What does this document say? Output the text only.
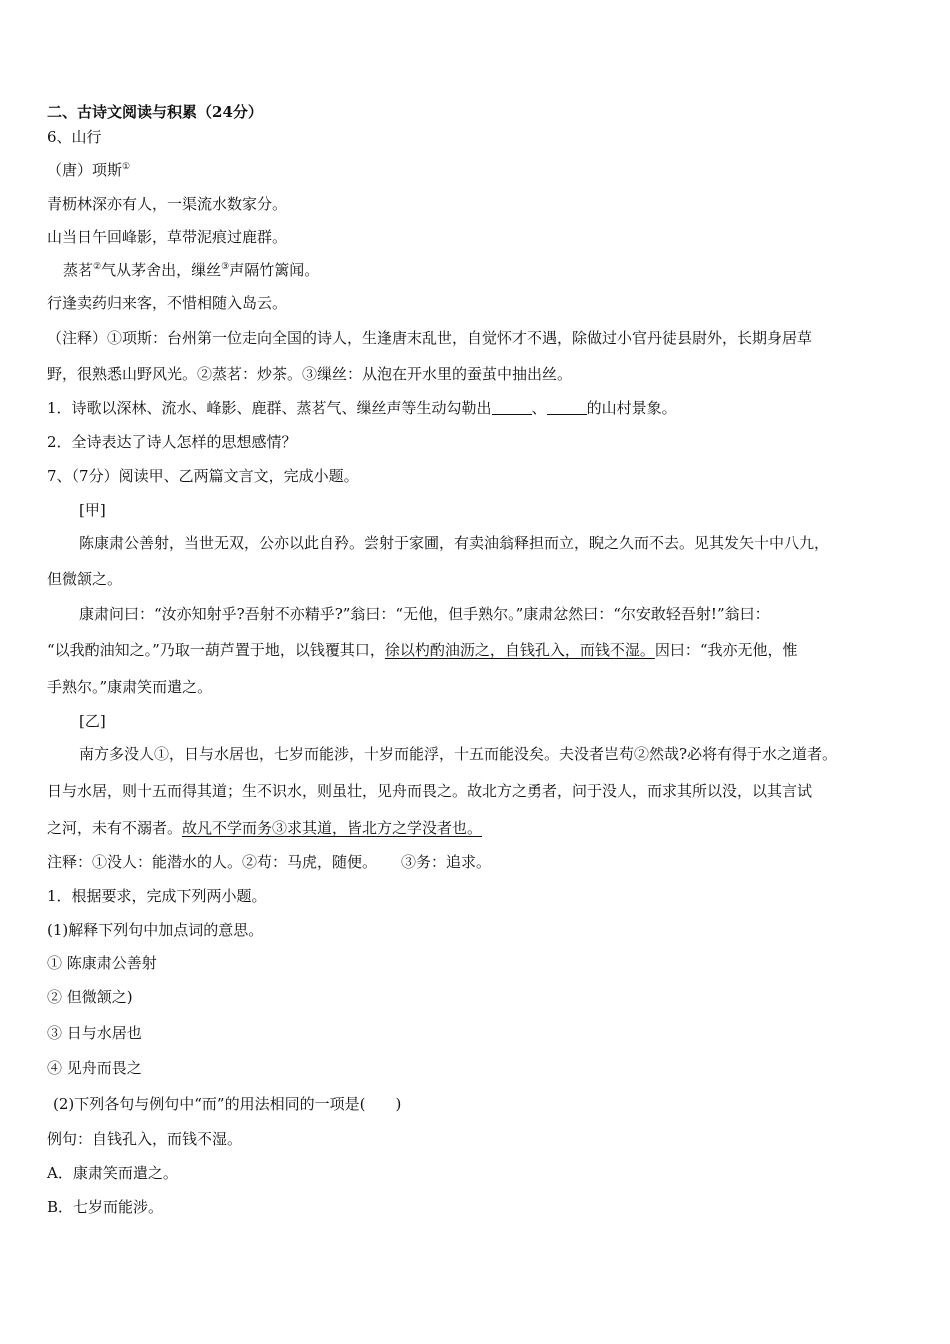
二、古诗文阅读与积累（24分）
6、山行
（唐）项斯①
青枥林深亦有人，一渠流水数家分。
山当日午回峰影，草带泥痕过鹿群。
蒸茗②气从茅舍出，缫丝③声隔竹篱闻。
行逢卖药归来客，不惜相随入岛云。
（注释）①项斯：台州第一位走向全国的诗人，生逢唐末乱世，自觉怀才不遇，除做过小官丹徒县尉外，长期身居草
野，很熟悉山野风光。②蒸茗：炒茶。③缫丝：从泡在开水里的蚕茧中抽出丝。
1．诗歌以深林、流水、峰影、鹿群、蒸茗气、缫丝声等生动勾勒出	、	的山村景象。
2．全诗表达了诗人怎样的思想感情？
7、（7分）阅读甲、乙两篇文言文，完成小题。
[甲]
陈康肃公善射，当世无双，公亦以此自矜。尝射于家圃，有卖油翁释担而立，睨之久而不去。见其发矢十中八九，
但微颔之。
康肃问曰：“汝亦知射乎?吾射不亦精乎?”翁曰：“无他，但手熟尔。”康肃忿然曰：“尔安敢轻吾射!”翁曰：
“以我酌油知之。”乃取一葫芦置于地，以钱覆其口，徐以杓酌油沥之，自钱孔入，而钱不湿。因曰：“我亦无他，惟
手熟尔。”康肃笑而遣之。
[乙]
南方多没人①，日与水居也，七岁而能涉，十岁而能浮，十五而能没矣。夫没者岂苟②然哉?必将有得于水之道者。
日与水居，则十五而得其道；生不识水，则虽壮，见舟而畏之。故北方之勇者，问于没人，而求其所以没，以其言试
之河，未有不溺者。故凡不学而务③求其道，皆北方之学没者也。
注释：①没人：能潜水的人。②苟：马虎，随便。 ③务：追求。
1．根据要求，完成下列两小题。
(1)解释下列句中加点词的意思。
① 陈康肃公善射
② 但微颔之)
③ 日与水居也
④ 见舟而畏之
(2)下列各句与例句中“而”的用法相同的一项是(　　)
例句：自钱孔入，而钱不湿。
A．康肃笑而遣之。
B．七岁而能涉。
